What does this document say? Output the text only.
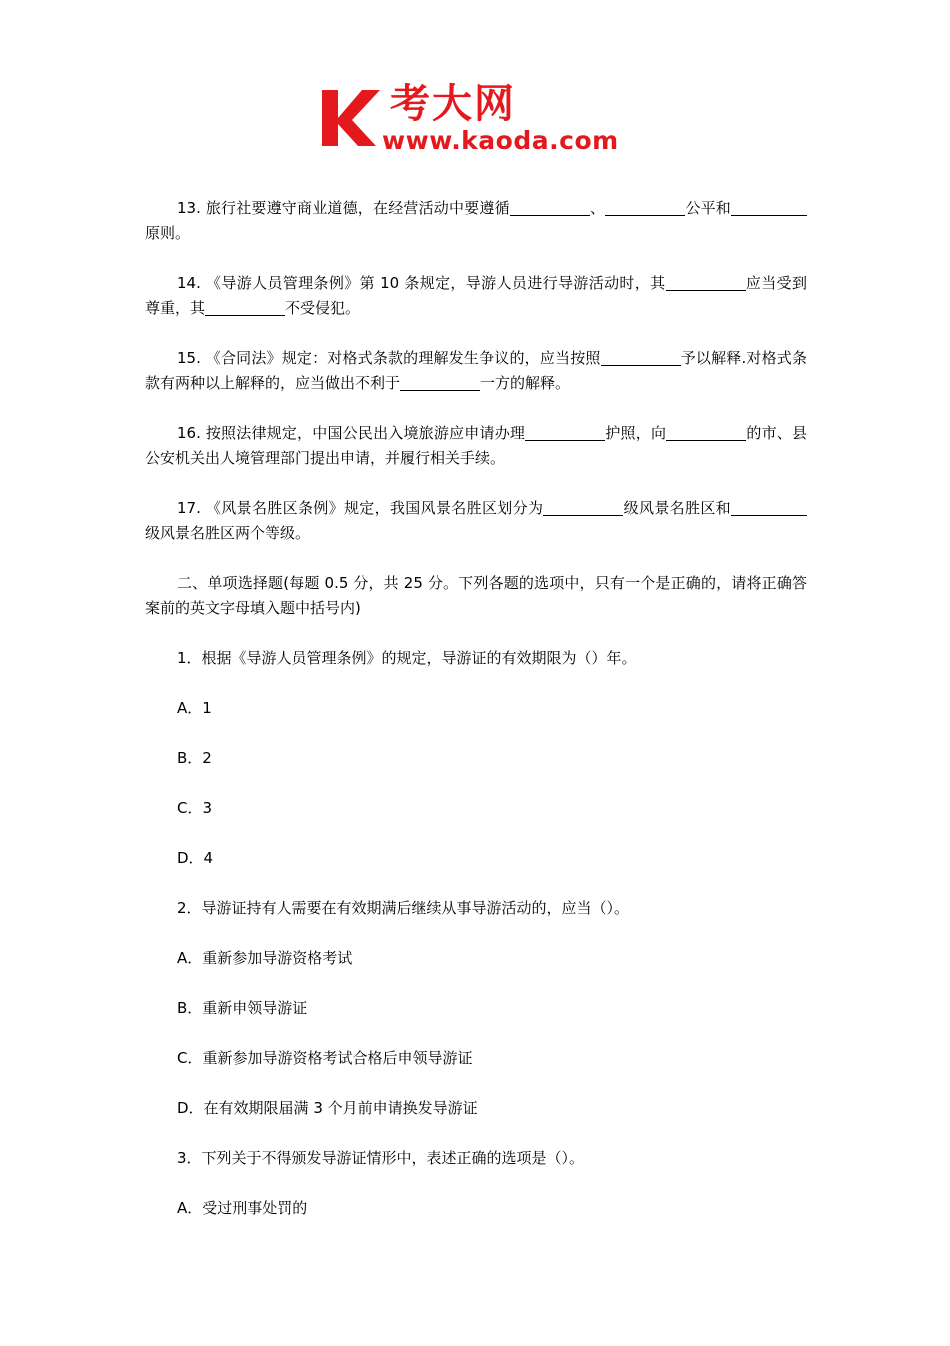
考大网
www.kaoda.com

13. 旅行社要遵守商业道德，在经营活动中要遵循	、	公平和原则。

14. 《导游人员管理条例》第 10 条规定，导游人员进行导游活动时，其	应当受到尊重，其	不受侵犯。

15. 《合同法》规定：对格式条款的理解发生争议的，应当按照	予以解释.对格式条款有两种以上解释的，应当做出不利于	一方的解释。

16. 按照法律规定，中国公民出入境旅游应申请办理	护照，向	的市、县公安机关出人境管理部门提出申请，并履行相关手续。

17. 《风景名胜区条例》规定，我国风景名胜区划分为	级风景名胜区和级风景名胜区两个等级。

二、单项选择题(每题 0.5 分，共 25 分。下列各题的选项中，只有一个是正确的，请将正确答案前的英文字母填入题中括号内)

1．根据《导游人员管理条例》的规定，导游证的有效期限为（）年。

A．1

B．2

C．3

D．4

2．导游证持有人需要在有效期满后继续从事导游活动的，应当（）。

A．重新参加导游资格考试

B．重新申领导游证

C．重新参加导游资格考试合格后申领导游证

D．在有效期限届满 3 个月前申请换发导游证

3．下列关于不得颁发导游证情形中，表述正确的选项是（）。

A．受过刑事处罚的
